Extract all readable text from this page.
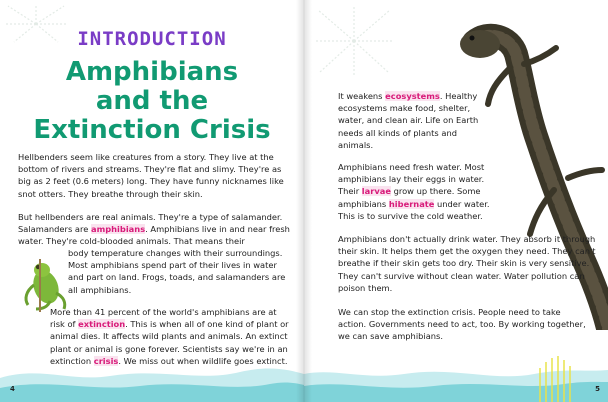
INTRODUCTION
Amphibians
and the
Extinction Crisis

Hellbenders seem like creatures from a story. They live at the bottom of rivers and streams. They're flat and slimy. They're as big as 2 feet (0.6 meters) long. They have funny nicknames like snot otters. They breathe through their skin.

But hellbenders are real animals. They're a type of salamander. Salamanders are amphibians. Amphibians live in and near fresh water. They're cold-blooded animals. That means their

body temperature changes with their surroundings. Most amphibians spend part of their lives in water and part on land. Frogs, toads, and salamanders are all amphibians.

More than 41 percent of the world's amphibians are at risk of extinction. This is when all of one kind of plant or animal dies. It affects wild plants and animals. An extinct plant or animal is gone forever. Scientists say we're in an extinction crisis. We miss out when wildlife goes extinct.

4

It weakens ecosystems. Healthy ecosystems make food, shelter, water, and clean air. Life on Earth needs all kinds of plants and animals.

Amphibians need fresh water. Most amphibians lay their eggs in water. Their larvae grow up there. Some amphibians hibernate under water. This is to survive the cold weather.

Amphibians don't actually drink water. They absorb it through their skin. It helps them get the oxygen they need. They can't breathe if their skin gets too dry. Their skin is very sensitive. They can't survive without clean water. Water pollution can poison them.

We can stop the extinction crisis. People need to take action. Governments need to act, too. By working together, we can save amphibians.

5
